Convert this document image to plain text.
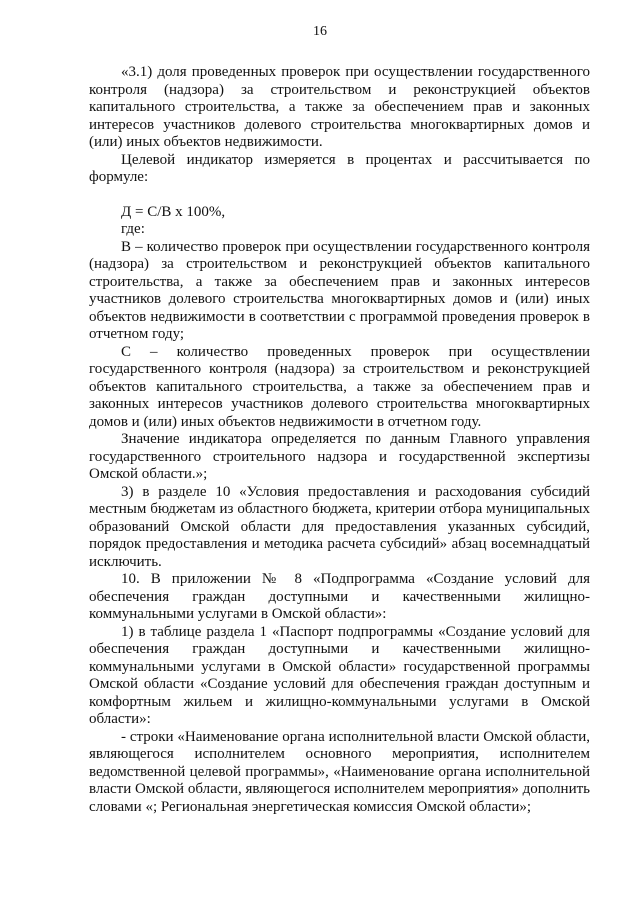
16

«3.1) доля проведенных проверок при осуществлении государственного контроля (надзора) за строительством и реконструкцией объектов капитального строительства, а также за обеспечением прав и законных интересов участников долевого строительства многоквартирных домов и (или) иных объектов недвижимости.

Целевой индикатор измеряется в процентах и рассчитывается по формуле:

Д = С/В х 100%,

где:

В – количество проверок при осуществлении государственного контроля (надзора) за строительством и реконструкцией объектов капитального строительства, а также за обеспечением прав и законных интересов участников долевого строительства многоквартирных домов и (или) иных объектов недвижимости в соответствии с программой проведения проверок в отчетном году;

С – количество проведенных проверок при осуществлении государственного контроля (надзора) за строительством и реконструкцией объектов капитального строительства, а также за обеспечением прав и законных интересов участников долевого строительства многоквартирных домов и (или) иных объектов недвижимости в отчетном году.

Значение индикатора определяется по данным Главного управления государственного строительного надзора и государственной экспертизы Омской области.»;

3) в разделе 10 «Условия предоставления и расходования субсидий местным бюджетам из областного бюджета, критерии отбора муниципальных образований Омской области для предоставления указанных субсидий, порядок предоставления и методика расчета субсидий» абзац восемнадцатый исключить.

10. В приложении № 8 «Подпрограмма «Создание условий для обеспечения граждан доступными и качественными жилищно-коммунальными услугами в Омской области»:

1) в таблице раздела 1 «Паспорт подпрограммы «Создание условий для обеспечения граждан доступными и качественными жилищно-коммунальными услугами в Омской области» государственной программы Омской области «Создание условий для обеспечения граждан доступным и комфортным жильем и жилищно-коммунальными услугами в Омской области»:

- строки «Наименование органа исполнительной власти Омской области, являющегося исполнителем основного мероприятия, исполнителем ведомственной целевой программы», «Наименование органа исполнительной власти Омской области, являющегося исполнителем мероприятия» дополнить словами «; Региональная энергетическая комиссия Омской области»;
